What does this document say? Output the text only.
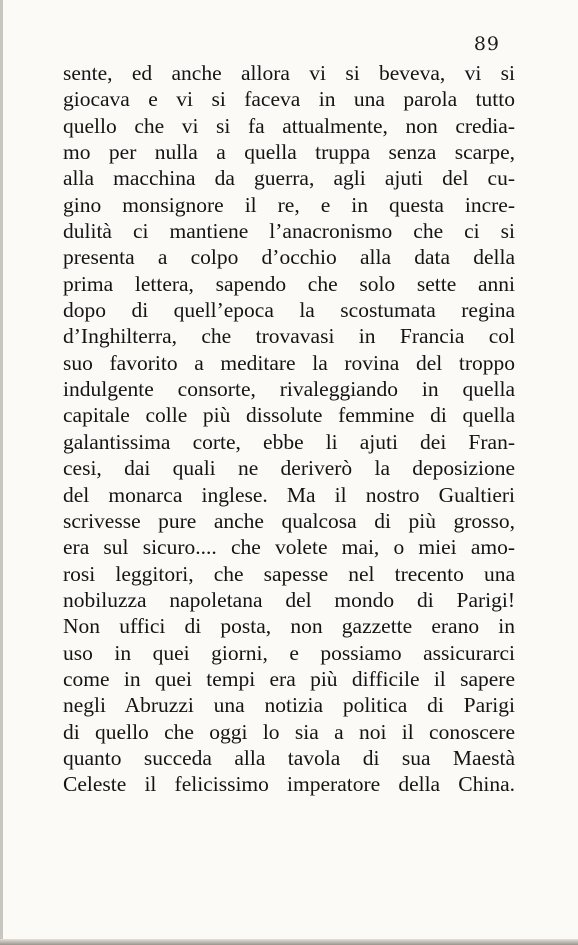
89
sente, ed anche allora vi si beveva, vi si
giocava e vi si faceva in una parola tutto
quello che vi si fa attualmente, non credia-
mo per nulla a quella truppa senza scarpe,
alla macchina da guerra, agli ajuti del cu-
gino monsignore il re, e in questa incre-
dulità ci mantiene l’anacronismo che ci si
presenta a colpo d’occhio alla data della
prima lettera, sapendo che solo sette anni
dopo di quell’epoca la scostumata regina
d’Inghilterra, che trovavasi in Francia col
suo favorito a meditare la rovina del troppo
indulgente consorte, rivaleggiando in quella
capitale colle più dissolute femmine di quella
galantissima corte, ebbe li ajuti dei Fran-
cesi, dai quali ne deriverò la deposizione
del monarca inglese. Ma il nostro Gualtieri
scrivesse pure anche qualcosa di più grosso,
era sul sicuro.... che volete mai, o miei amo-
rosi leggitori, che sapesse nel trecento una
nobiluzza napoletana del mondo di Parigi!
Non uffici di posta, non gazzette erano in
uso in quei giorni, e possiamo assicurarci
come in quei tempi era più difficile il sapere
negli Abruzzi una notizia politica di Parigi
di quello che oggi lo sia a noi il conoscere
quanto succeda alla tavola di sua Maestà
Celeste il felicissimo imperatore della China.
